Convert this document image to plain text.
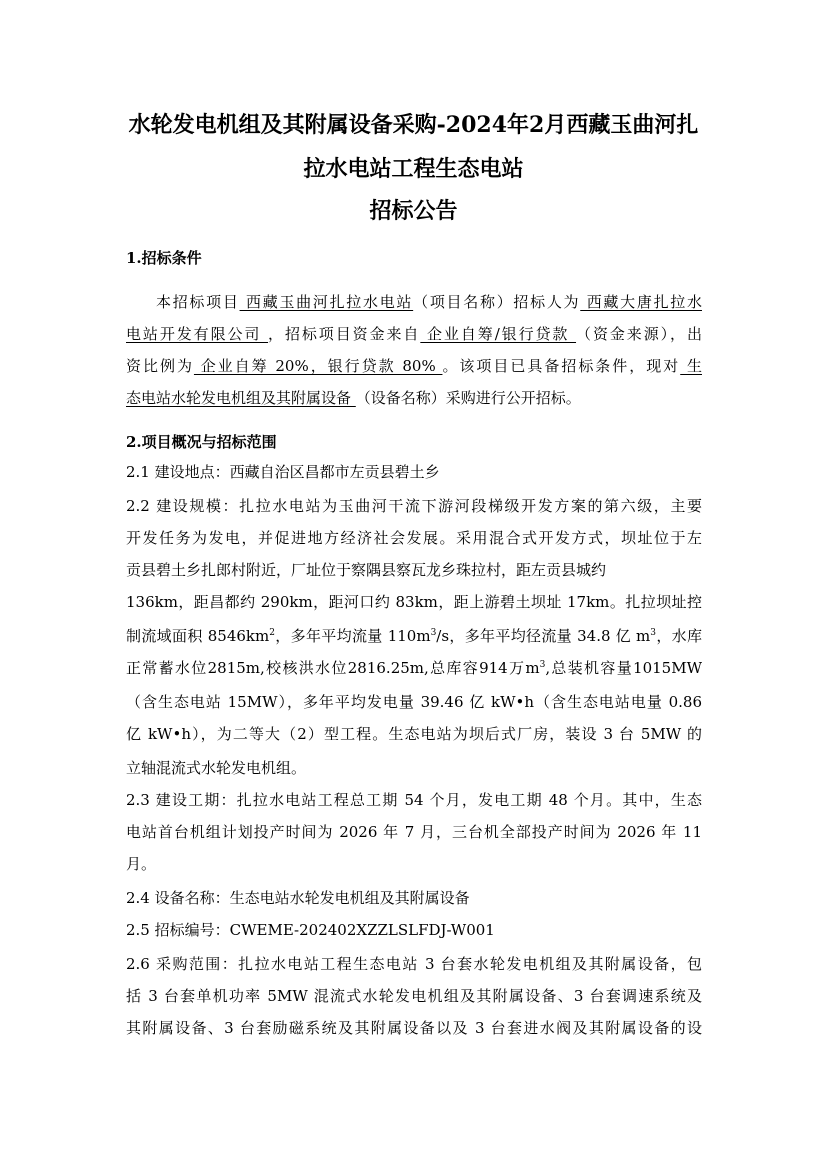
水轮发电机组及其附属设备采购-2024年2月西藏玉曲河扎
拉水电站工程生态电站
招标公告
1.招标条件
本招标项目 西藏玉曲河扎拉水电站（项目名称）招标人为 西藏大唐扎拉水
电站开发有限公司 ，招标项目资金来自 企业自筹/银行贷款 （资金来源），出
资比例为 企业自筹 20%，银行贷款 80% 。该项目已具备招标条件，现对 生
态电站水轮发电机组及其附属设备 （设备名称）采购进行公开招标。
2.项目概况与招标范围
2.1 建设地点：西藏自治区昌都市左贡县碧土乡
2.2 建设规模：扎拉水电站为玉曲河干流下游河段梯级开发方案的第六级，主要
开发任务为发电，并促进地方经济社会发展。采用混合式开发方式，坝址位于左
贡县碧土乡扎郎村附近，厂址位于察隅县察瓦龙乡珠拉村，距左贡县城约
136km，距昌都约 290km，距河口约 83km，距上游碧土坝址 17km。扎拉坝址控
制流域面积 $8546km^2$，多年平均流量 $110m^3/s$，多年平均径流量 34.8 亿 $m^3$，水库
正常蓄水位2815m,校核洪水位2816.25m,总库容914万$m^3$,总装机容量1015MW
（含生态电站 15MW），多年平均发电量 39.46 亿 kW•h（含生态电站电量 0.86
亿 kW•h），为二等大（2）型工程。生态电站为坝后式厂房，装设 3 台 5MW 的
立轴混流式水轮发电机组。
2.3 建设工期：扎拉水电站工程总工期 54 个月，发电工期 48 个月。其中，生态
电站首台机组计划投产时间为 2026 年 7 月，三台机全部投产时间为 2026 年 11
月。
2.4 设备名称：生态电站水轮发电机组及其附属设备
2.5 招标编号：CWEME-202402XZZLSLFDJ-W001
2.6 采购范围：扎拉水电站工程生态电站 3 台套水轮发电机组及其附属设备，包
括 3 台套单机功率 5MW 混流式水轮发电机组及其附属设备、3 台套调速系统及
其附属设备、3 台套励磁系统及其附属设备以及 3 台套进水阀及其附属设备的设
